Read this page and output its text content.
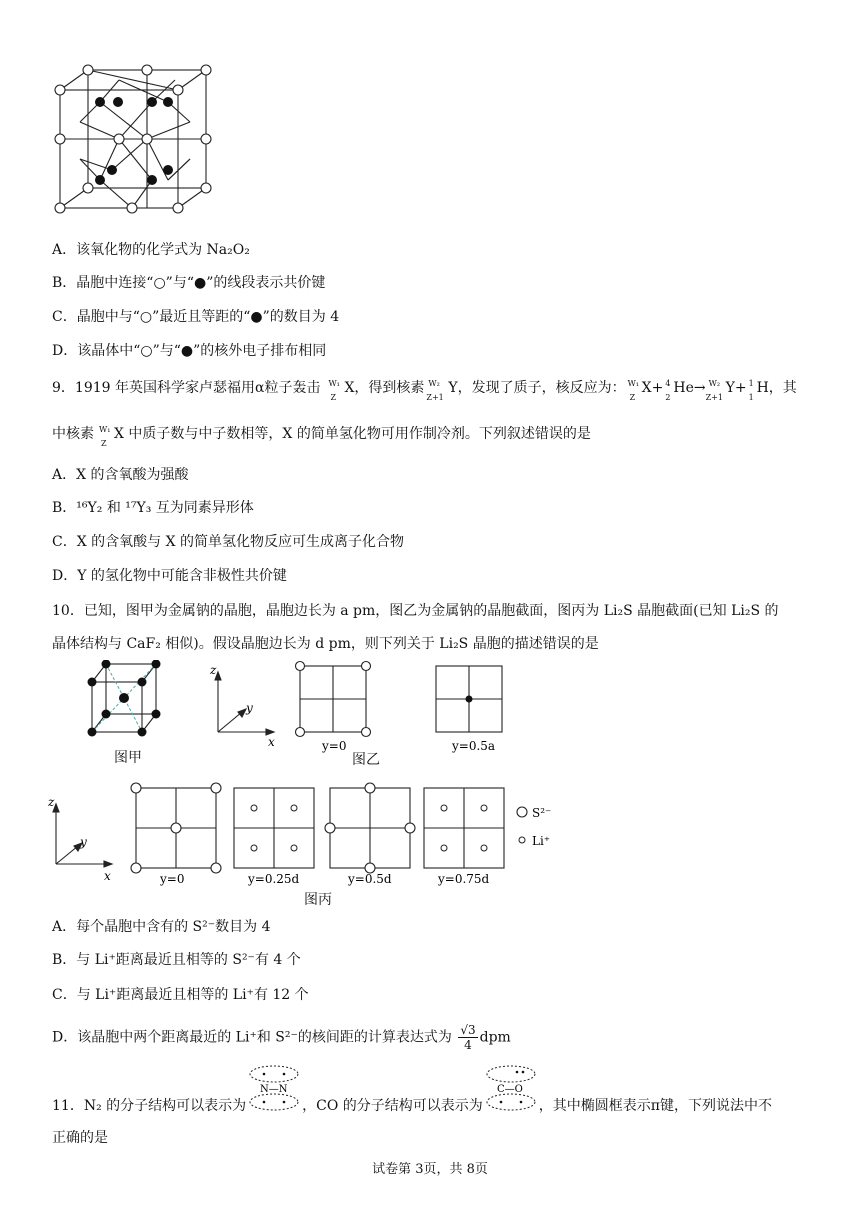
A．该氧化物的化学式为 Na₂O₂
B．晶胞中连接“○”与“●”的线段表示共价键
C．晶胞中与“○”最近且等距的“●”的数目为 4
D．该晶体中“○”与“●”的核外电子排布相同
9．1919 年英国科学家卢瑟福用α粒子轰击 W₁
Z
X，得到核素 W₂
Z+1
Y，发现了质子，核反应为： W₁
Z
X+ 4
2
He→ W₂
Z+1
Y+ 1
1
H，其
中核素 W₁
Z
X 中质子数与中子数相等，X 的简单氢化物可用作制冷剂。下列叙述错误的是
A．X 的含氧酸为强酸
B．¹⁶Y₂ 和 ¹⁷Y₃ 互为同素异形体
C．X 的含氧酸与 X 的简单氢化物反应可生成离子化合物
D．Y 的氢化物中可能含非极性共价键
10．已知，图甲为金属钠的晶胞，晶胞边长为 a pm，图乙为金属钠的晶胞截面，图丙为 Li₂S 晶胞截面(已知 Li₂S 的
晶体结构与 CaF₂ 相似)。假设晶胞边长为 d pm，则下列关于 Li₂S 晶胞的描述错误的是
图甲
z
y
x	y=0	y=0.5a
图乙
z
y
x
S²⁻
Li⁺
y=0	y=0.25d	y=0.5d	y=0.75d
图丙
A．每个晶胞中含有的 S²⁻数目为 4
B．与 Li⁺距离最近且相等的 S²⁻有 4 个
C．与 Li⁺距离最近且相等的 Li⁺有 12 个
D．该晶胞中两个距离最近的 Li⁺和 S²⁻的核间距的计算表达式为 $\frac{√3}{4}$ dpm
11．N₂ 的分子结构可以表示为
N—N
，CO 的分子结构可以表示为
C—O
，其中椭圆框表示π键，下列说法中不
正确的是
试卷第 3页，共 8页
